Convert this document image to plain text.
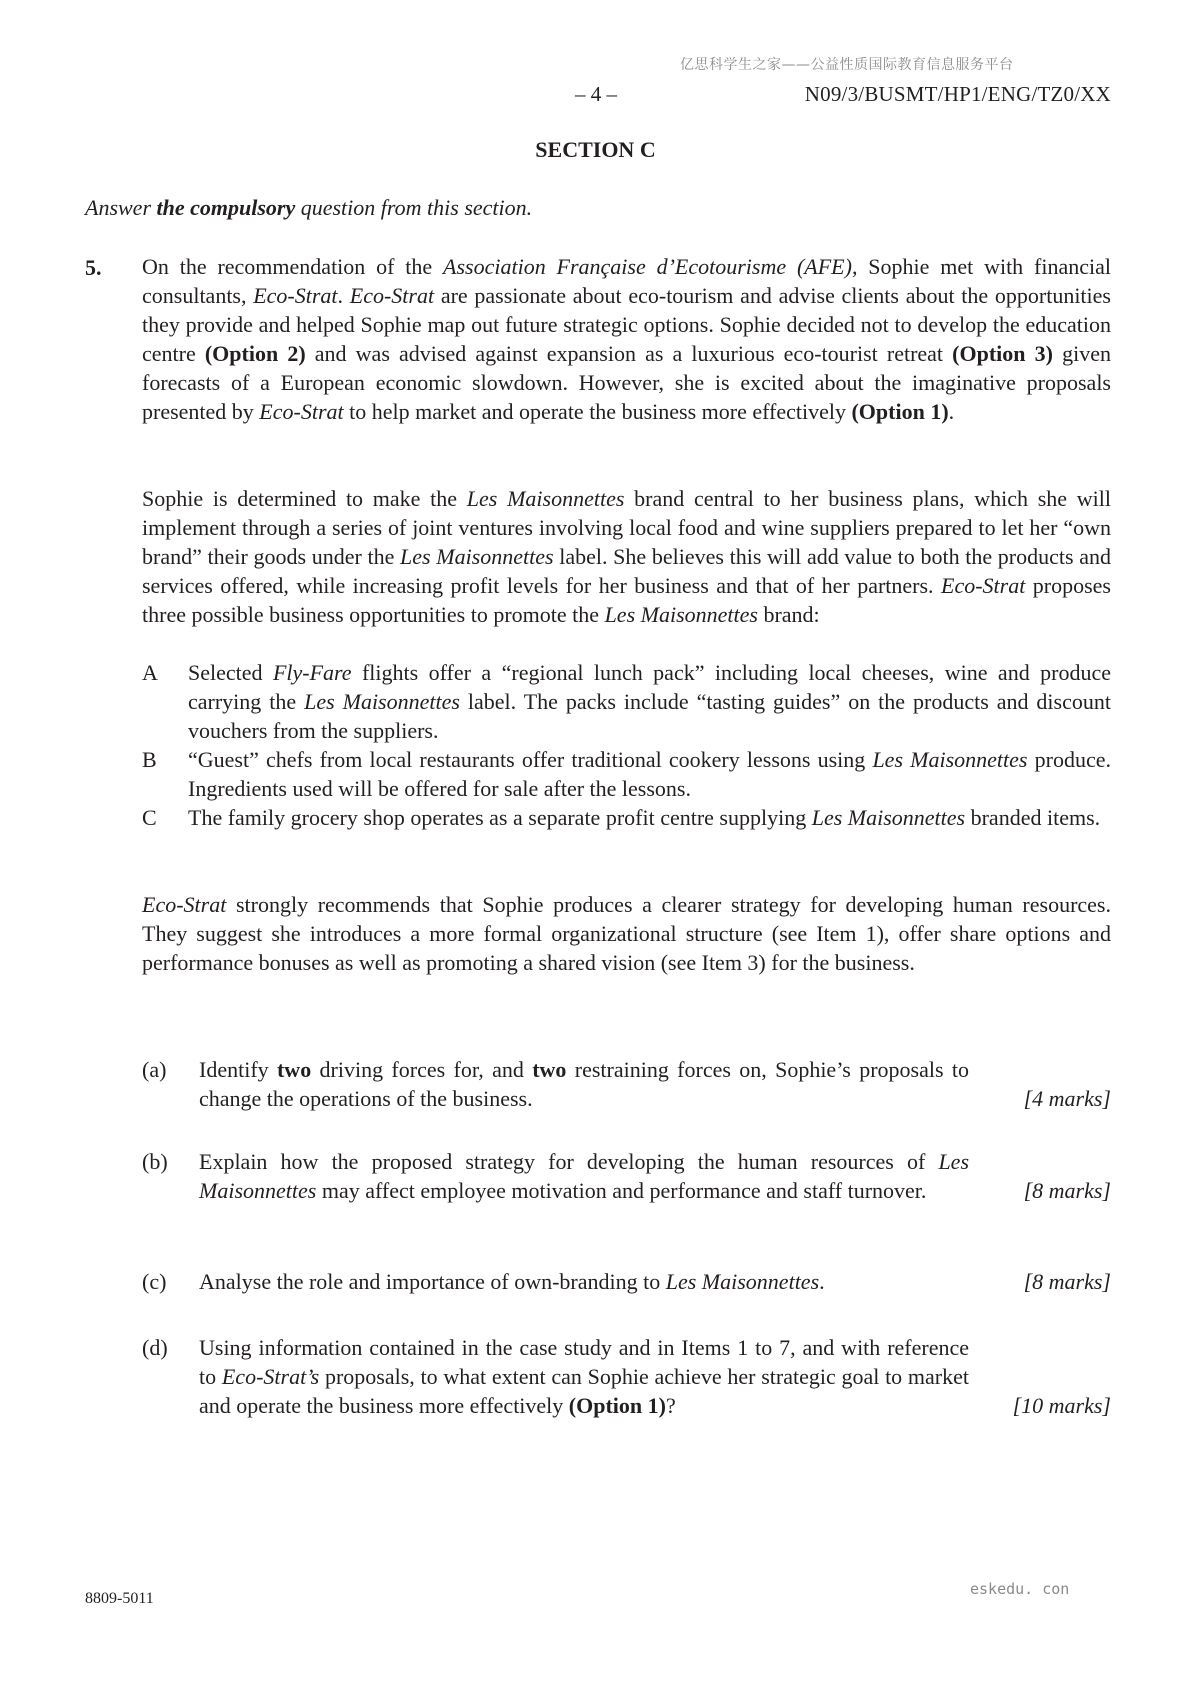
亿思科学生之家——公益性质国际教育信息服务平台
– 4 –	N09/3/BUSMT/HP1/ENG/TZ0/XX
SECTION C
Answer the compulsory question from this section.
5. On the recommendation of the Association Française d’Ecotourisme (AFE), Sophie met with financial consultants, Eco-Strat. Eco-Strat are passionate about eco-tourism and advise clients about the opportunities they provide and helped Sophie map out future strategic options. Sophie decided not to develop the education centre (Option 2) and was advised against expansion as a luxurious eco-tourist retreat (Option 3) given forecasts of a European economic slowdown. However, she is excited about the imaginative proposals presented by Eco-Strat to help market and operate the business more effectively (Option 1).
Sophie is determined to make the Les Maisonnettes brand central to her business plans, which she will implement through a series of joint ventures involving local food and wine suppliers prepared to let her “own brand” their goods under the Les Maisonnettes label. She believes this will add value to both the products and services offered, while increasing profit levels for her business and that of her partners. Eco-Strat proposes three possible business opportunities to promote the Les Maisonnettes brand:
A Selected Fly-Fare flights offer a “regional lunch pack” including local cheeses, wine and produce carrying the Les Maisonnettes label. The packs include “tasting guides” on the products and discount vouchers from the suppliers.
B “Guest” chefs from local restaurants offer traditional cookery lessons using Les Maisonnettes produce. Ingredients used will be offered for sale after the lessons.
C The family grocery shop operates as a separate profit centre supplying Les Maisonnettes branded items.
Eco-Strat strongly recommends that Sophie produces a clearer strategy for developing human resources. They suggest she introduces a more formal organizational structure (see Item 1), offer share options and performance bonuses as well as promoting a shared vision (see Item 3) for the business.
(a) Identify two driving forces for, and two restraining forces on, Sophie’s proposals to change the operations of the business.	[4 marks]
(b) Explain how the proposed strategy for developing the human resources of Les Maisonnettes may affect employee motivation and performance and staff turnover.	[8 marks]
(c) Analyse the role and importance of own-branding to Les Maisonnettes.	[8 marks]
(d) Using information contained in the case study and in Items 1 to 7, and with reference to Eco-Strat’s proposals, to what extent can Sophie achieve her strategic goal to market and operate the business more effectively (Option 1)?	[10 marks]
eskedu. con
8809-5011
